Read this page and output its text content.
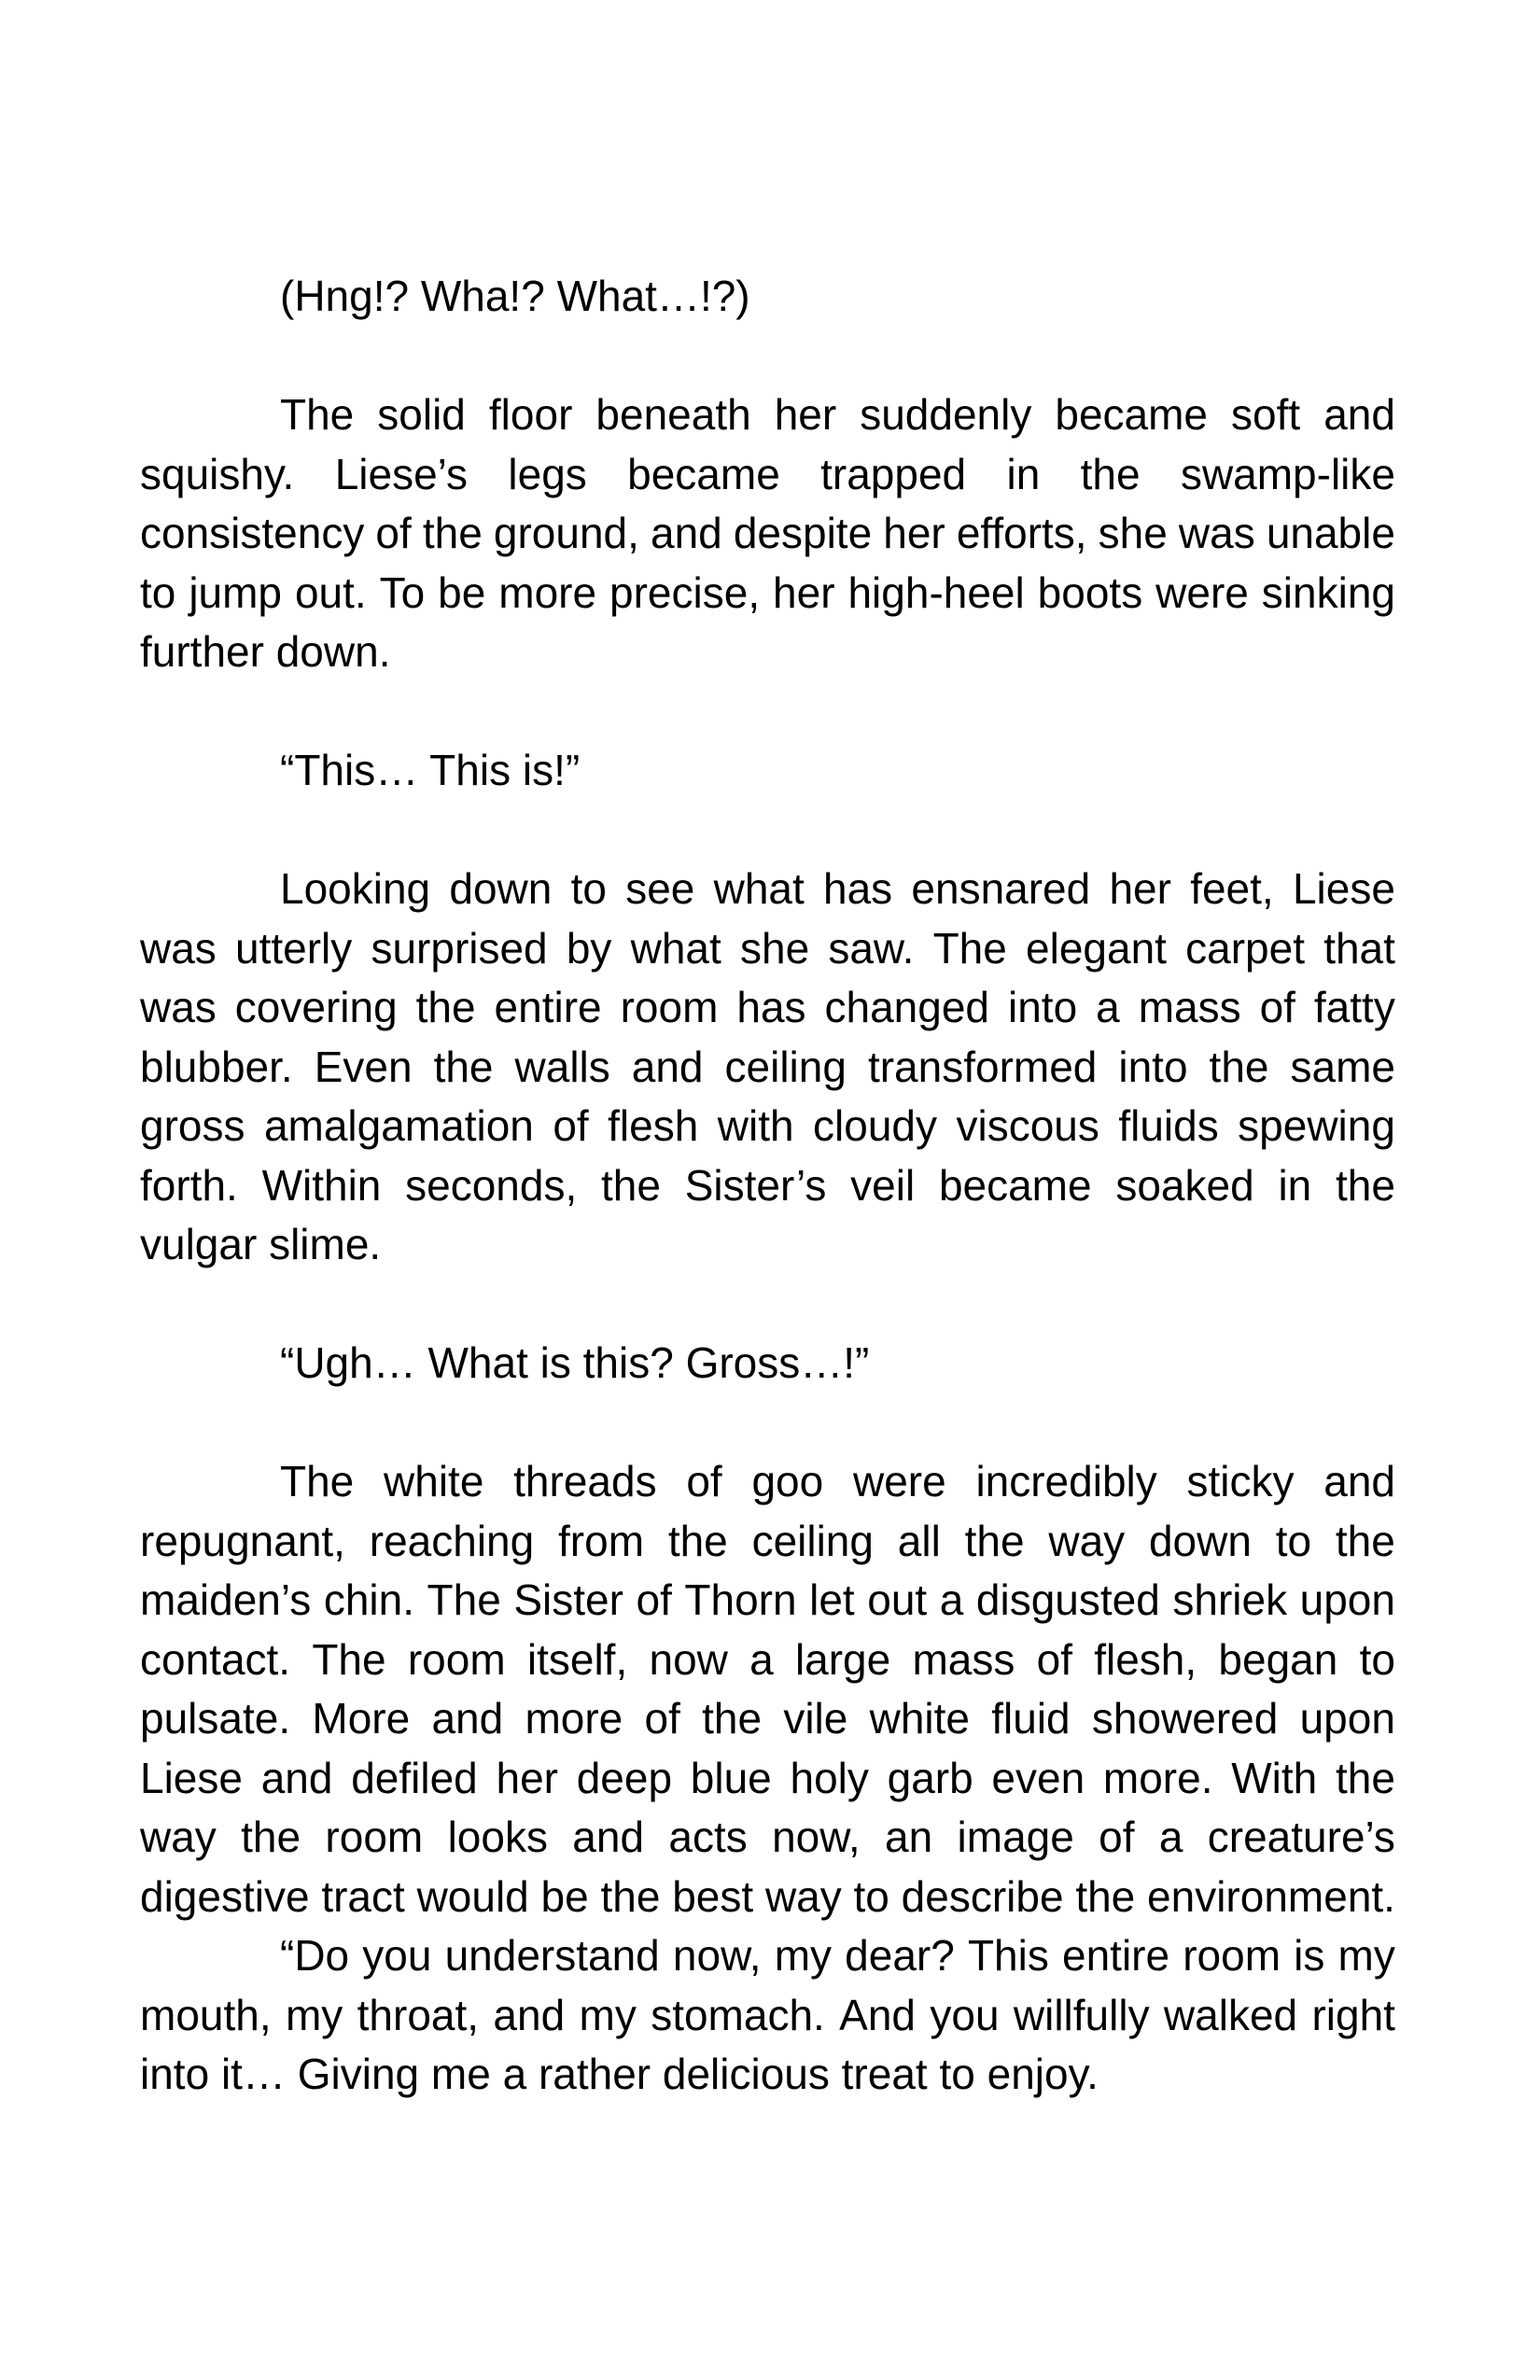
(Hng!? Wha!? What…!?)
The solid floor beneath her suddenly became soft and
squishy. Liese’s legs became trapped in the swamp-like
consistency of the ground, and despite her efforts, she was unable
to jump out. To be more precise, her high-heel boots were sinking
further down.
“This… This is!”
Looking down to see what has ensnared her feet, Liese
was utterly surprised by what she saw. The elegant carpet that
was covering the entire room has changed into a mass of fatty
blubber. Even the walls and ceiling transformed into the same
gross amalgamation of flesh with cloudy viscous fluids spewing
forth. Within seconds, the Sister’s veil became soaked in the
vulgar slime.
“Ugh… What is this? Gross…!”
The white threads of goo were incredibly sticky and
repugnant, reaching from the ceiling all the way down to the
maiden’s chin. The Sister of Thorn let out a disgusted shriek upon
contact. The room itself, now a large mass of flesh, began to
pulsate. More and more of the vile white fluid showered upon
Liese and defiled her deep blue holy garb even more. With the
way the room looks and acts now, an image of a creature’s
digestive tract would be the best way to describe the environment.
“Do you understand now, my dear? This entire room is my
mouth, my throat, and my stomach. And you willfully walked right
into it… Giving me a rather delicious treat to enjoy.
